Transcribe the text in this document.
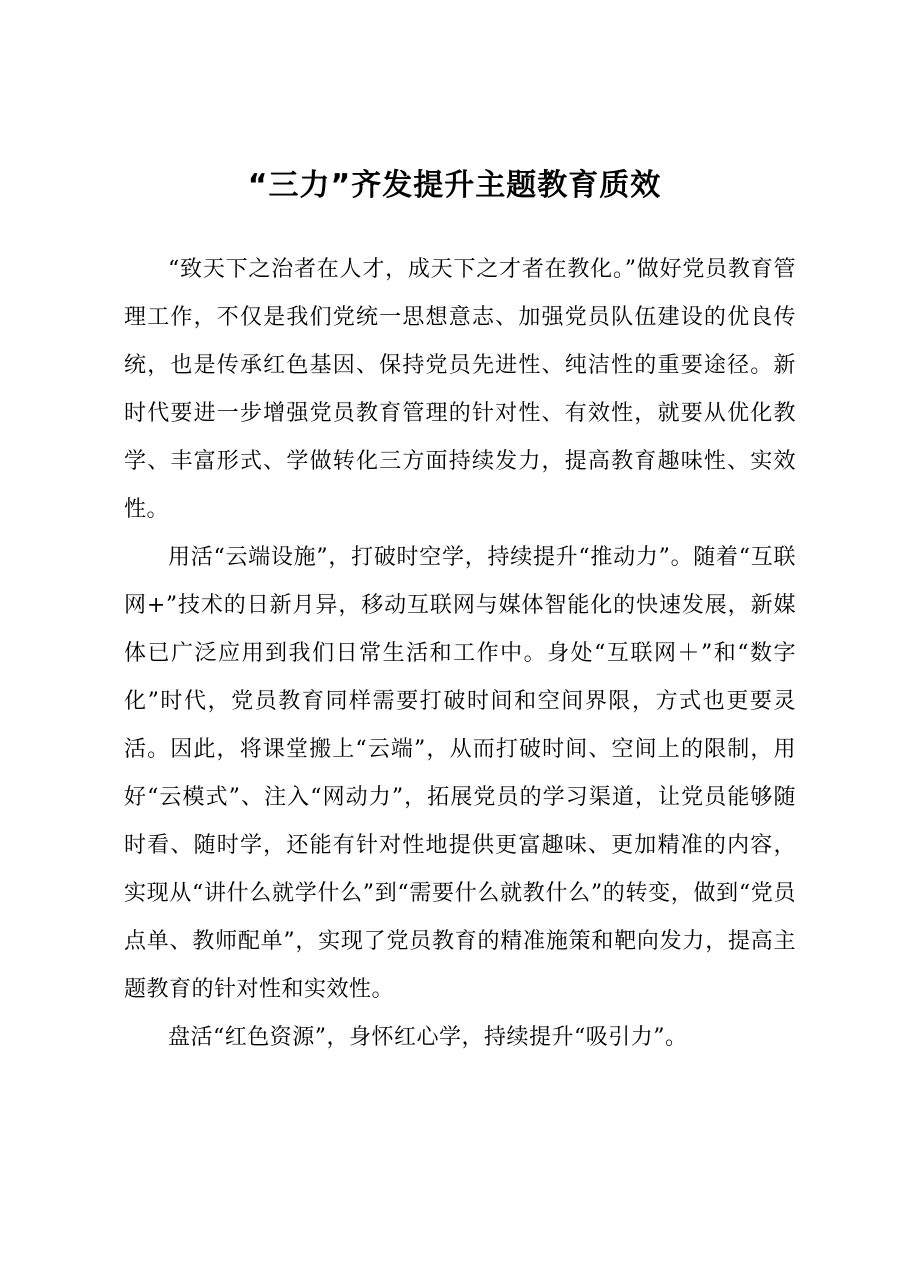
“三力”齐发提升主题教育质效

“致天下之治者在人才，成天下之才者在教化。”做好党员教育管理工作，不仅是我们党统一思想意志、加强党员队伍建设的优良传统，也是传承红色基因、保持党员先进性、纯洁性的重要途径。新时代要进一步增强党员教育管理的针对性、有效性，就要从优化教学、丰富形式、学做转化三方面持续发力，提高教育趣味性、实效性。

用活“云端设施”，打破时空学，持续提升“推动力”。随着“互联网+”技术的日新月异，移动互联网与媒体智能化的快速发展，新媒体已广泛应用到我们日常生活和工作中。身处“互联网＋”和“数字化”时代，党员教育同样需要打破时间和空间界限，方式也更要灵活。因此，将课堂搬上“云端”，从而打破时间、空间上的限制，用好“云模式”、注入“网动力”，拓展党员的学习渠道，让党员能够随时看、随时学，还能有针对性地提供更富趣味、更加精准的内容，实现从“讲什么就学什么”到“需要什么就教什么”的转变，做到“党员点单、教师配单”，实现了党员教育的精准施策和靶向发力，提高主题教育的针对性和实效性。

盘活“红色资源”，身怀红心学，持续提升“吸引力”。
